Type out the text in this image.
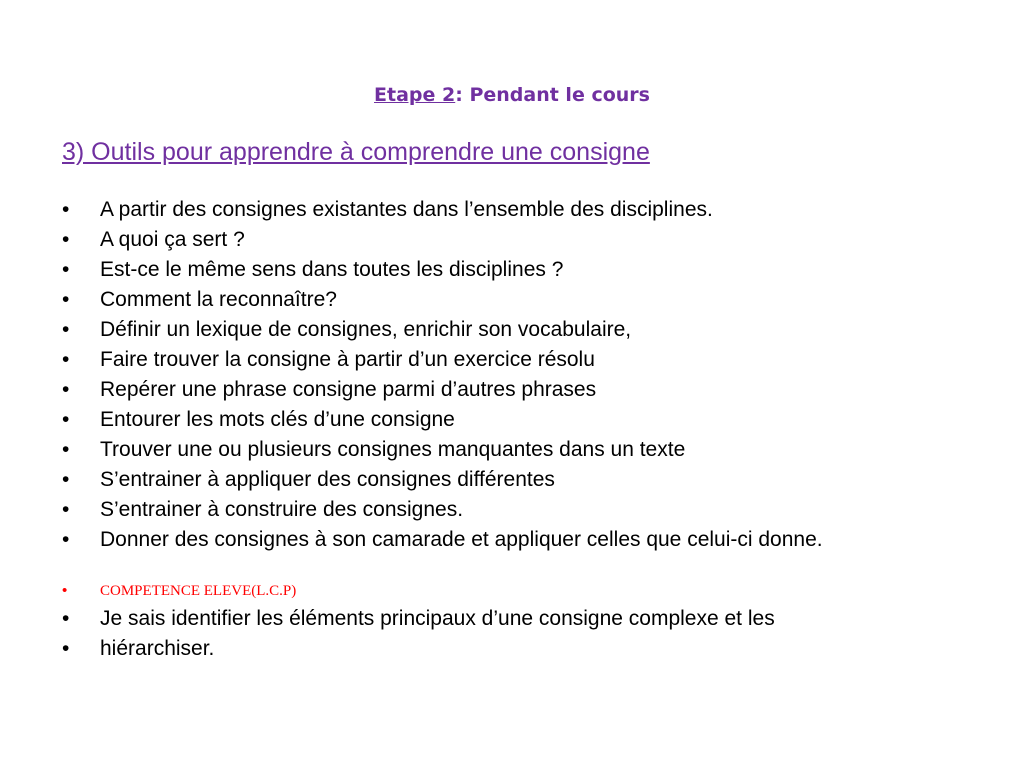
Etape 2: Pendant le cours
3) Outils pour apprendre à comprendre une consigne
•	A partir des consignes existantes dans l’ensemble des disciplines.
•	A quoi ça sert ?
•	Est-ce le même sens dans toutes les disciplines ?
•	Comment la reconnaître?
•	Définir un lexique de consignes, enrichir son vocabulaire,
•	Faire trouver la consigne à partir d’un exercice résolu
•	Repérer une phrase consigne parmi d’autres phrases
•	Entourer les mots clés d’une consigne
•	Trouver une ou plusieurs consignes manquantes dans un texte
•	S’entrainer à appliquer des consignes différentes
•	S’entrainer à construire des consignes.
•	Donner des consignes à son camarade et appliquer celles que celui-ci donne.
•	COMPETENCE ELEVE(L.C.P)
•	Je sais identifier les éléments principaux d’une consigne complexe et les
•	hiérarchiser.
